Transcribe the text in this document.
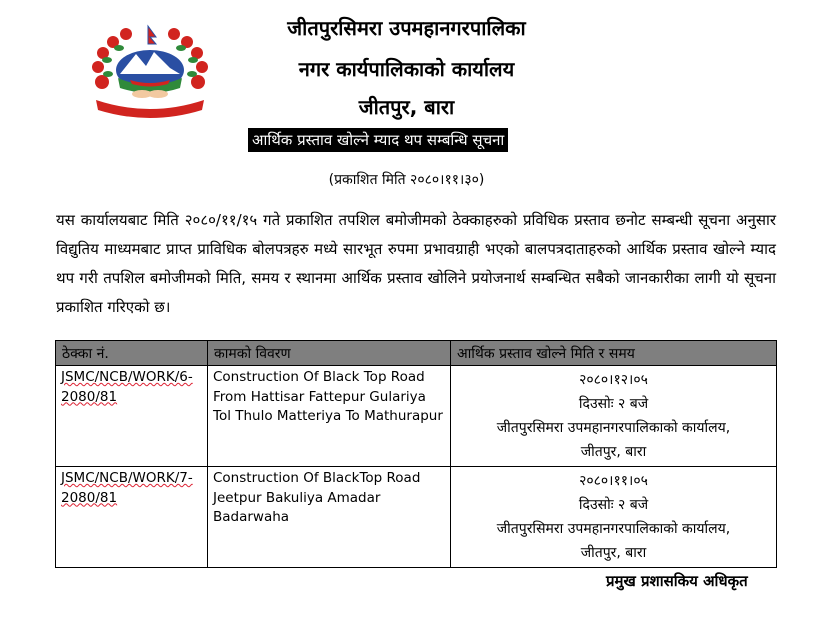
जीतपुरसिमरा उपमहानगरपालिका
नगर कार्यपालिकाको कार्यालय
जीतपुर, बारा
आर्थिक प्रस्ताव खोल्ने म्याद थप सम्बन्धि सूचना
(प्रकाशित मिति २०८०।११।३०)

यस कार्यालयबाट मिति २०८०/११/१५ गते प्रकाशित तपशिल बमोजीमको ठेक्काहरुको प्रविधिक प्रस्ताव छनोट सम्बन्धी सूचना अनुसार विद्युतिय माध्यमबाट प्राप्त प्राविधिक बोलपत्रहरु मध्ये सारभूत रुपमा प्रभावग्राही भएको बालपत्रदाताहरुको आर्थिक प्रस्ताव खोल्ने म्याद थप गरी तपशिल बमोजीमको मिति, समय र स्थानमा आर्थिक प्रस्ताव खोलिने प्रयोजनार्थ सम्बन्धित सबैको जानकारीका लागी यो सूचना प्रकाशित गरिएको छ।

ठेक्का नं.	कामको विवरण	आर्थिक प्रस्ताव खोल्ने मिति र समय
JSMC/NCB/WORK/6-2080/81	Construction Of Black Top Road From Hattisar Fattepur Gulariya Tol Thulo Matteriya To Mathurapur	२०८०।१२।०५
दिउसोः २ बजे
जीतपुरसिमरा उपमहानगरपालिकाको कार्यालय,
जीतपुर, बारा

JSMC/NCB/WORK/7-2080/81	Construction Of BlackTop Road Jeetpur Bakuliya Amadar Badarwaha	२०८०।११।०५
दिउसोः २ बजे
जीतपुरसिमरा उपमहानगरपालिकाको कार्यालय,
जीतपुर, बारा
प्रमुख प्रशासकिय अधिकृत
